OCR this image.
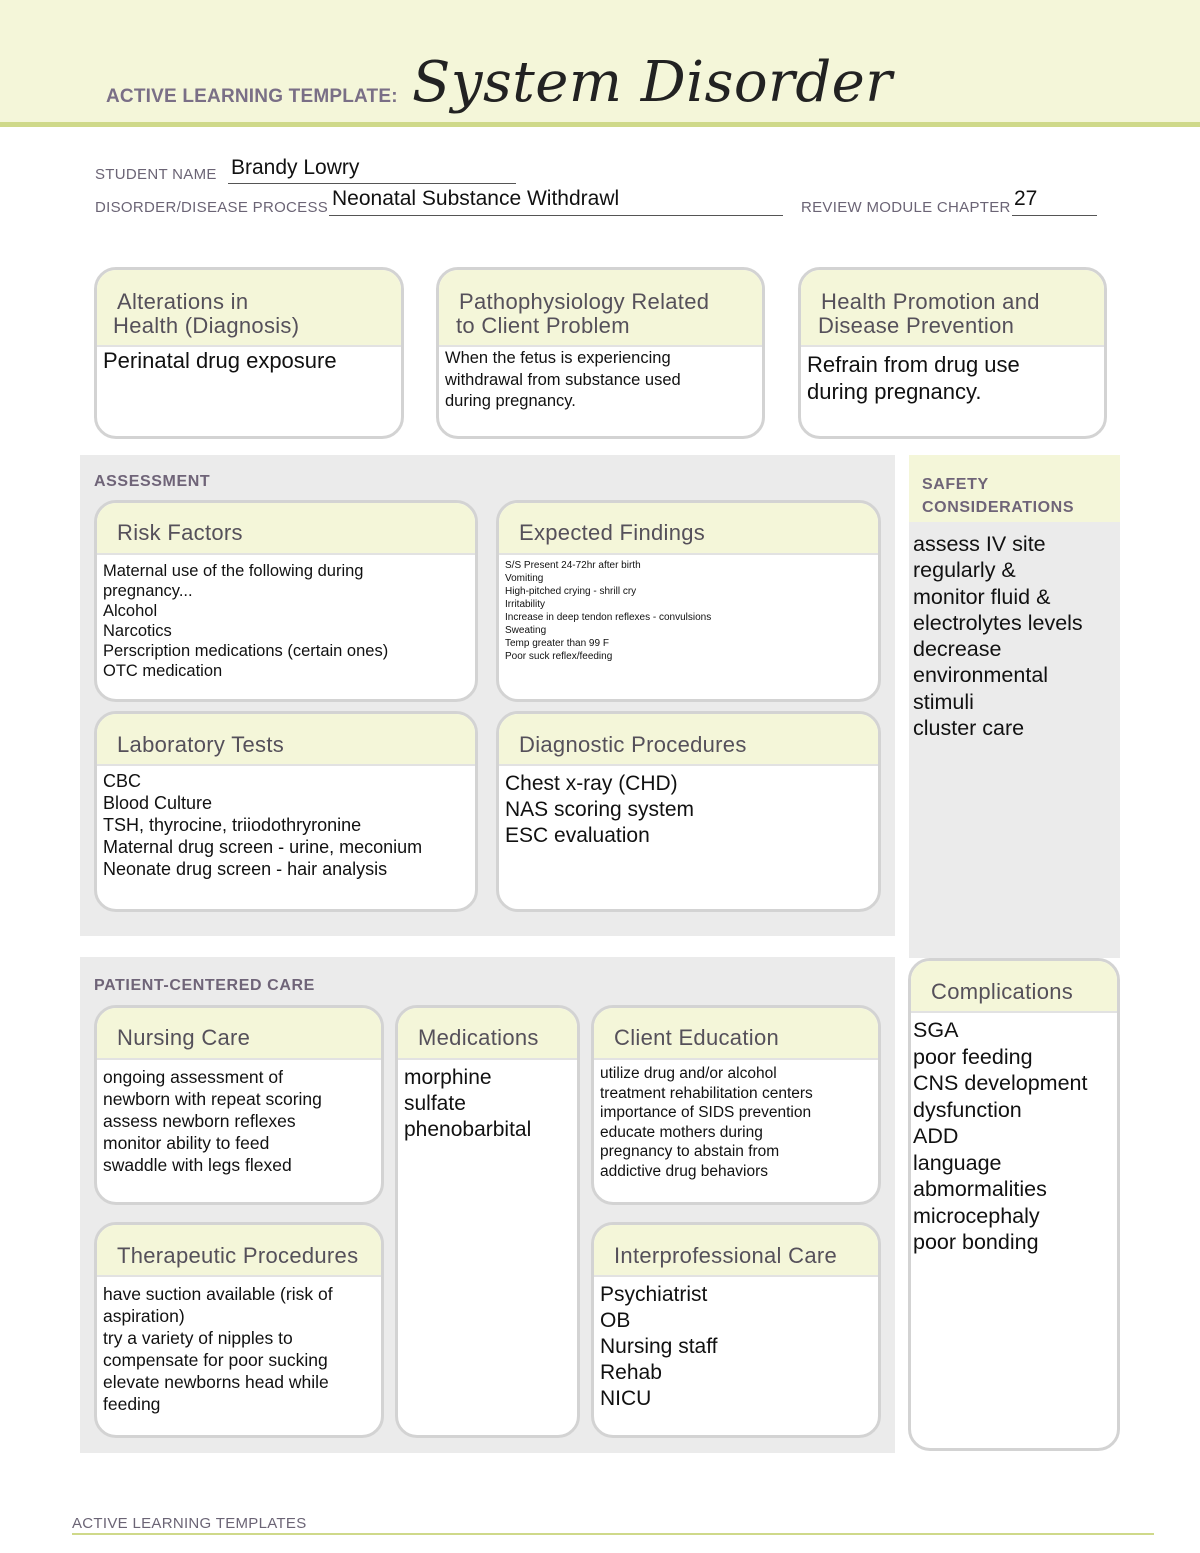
ACTIVE LEARNING TEMPLATE: System Disorder
STUDENT NAME Brandy Lowry
DISORDER/DISEASE PROCESS Neonatal Substance Withdrawl	REVIEW MODULE CHAPTER 27
Alterations in
Health (Diagnosis)
Perinatal drug exposure
Pathophysiology Related
to Client Problem
When the fetus is experiencing
withdrawal from substance used
during pregnancy.
Health Promotion and
Disease Prevention
Refrain from drug use
during pregnancy.
ASSESSMENT
Risk Factors
Maternal use of the following during
pregnancy...
Alcohol
Narcotics
Perscription medications (certain ones)
OTC medication
Expected Findings
S/S Present 24-72hr after birth
Vomiting
High-pitched crying - shrill cry
Irritability
Increase in deep tendon reflexes - convulsions
Sweating
Temp greater than 99 F
Poor suck reflex/feeding
Laboratory Tests
CBC
Blood Culture
TSH, thyrocine, triiodothryronine
Maternal drug screen - urine, meconium
Neonate drug screen - hair analysis
Diagnostic Procedures
Chest x-ray (CHD)
NAS scoring system
ESC evaluation
SAFETY
CONSIDERATIONS
assess IV site
regularly &
monitor fluid &
electrolytes levels
decrease
environmental
stimuli
cluster care
PATIENT-CENTERED CARE
Nursing Care
ongoing assessment of
newborn with repeat scoring
assess newborn reflexes
monitor ability to feed
swaddle with legs flexed
Medications
morphine
sulfate
phenobarbital
Client Education
utilize drug and/or alcohol
treatment rehabilitation centers
importance of SIDS prevention
educate mothers during
pregnancy to abstain from
addictive drug behaviors
Therapeutic Procedures
have suction available (risk of
aspiration)
try a variety of nipples to
compensate for poor sucking
elevate newborns head while
feeding
Interprofessional Care
Psychiatrist
OB
Nursing staff
Rehab
NICU
Complications
SGA
poor feeding
CNS development
dysfunction
ADD
language
abmormalities
microcephaly
poor bonding
ACTIVE LEARNING TEMPLATES
